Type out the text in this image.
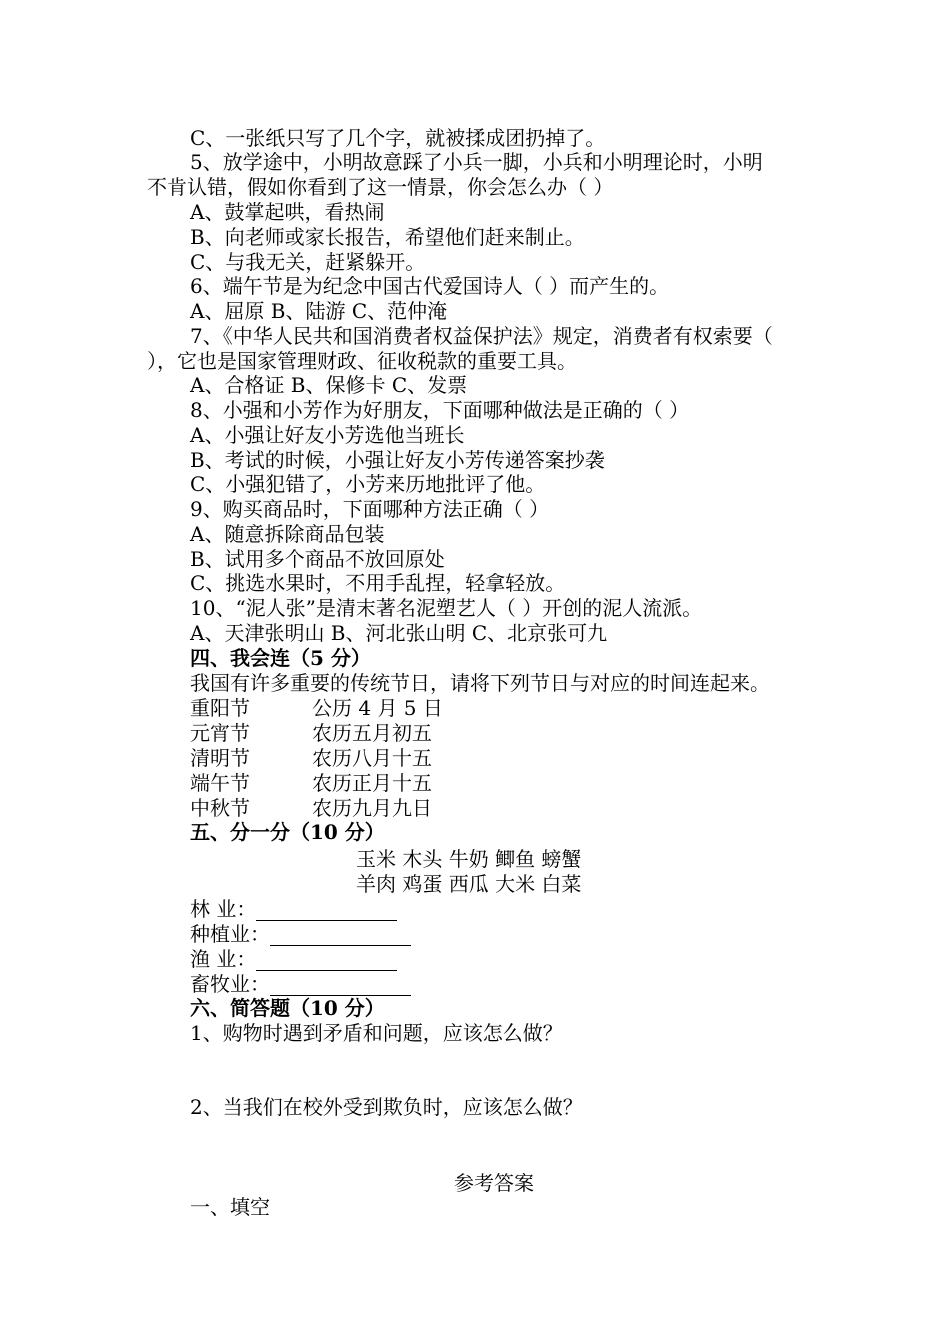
C、一张纸只写了几个字，就被揉成团扔掉了。
5、放学途中，小明故意踩了小兵一脚，小兵和小明理论时，小明
不肯认错，假如你看到了这一情景，你会怎么办（ ）
A、鼓掌起哄，看热闹
B、向老师或家长报告，希望他们赶来制止。
C、与我无关，赶紧躲开。
6、端午节是为纪念中国古代爱国诗人（ ）而产生的。
A、屈原 B、陆游 C、范仲淹
7、《中华人民共和国消费者权益保护法》规定，消费者有权索要（
），它也是国家管理财政、征收税款的重要工具。
A、合格证 B、保修卡 C、发票
8、小强和小芳作为好朋友，下面哪种做法是正确的（ ）
A、小强让好友小芳选他当班长
B、考试的时候，小强让好友小芳传递答案抄袭
C、小强犯错了，小芳来历地批评了他。
9、购买商品时，下面哪种方法正确（ ）
A、随意拆除商品包装
B、试用多个商品不放回原处
C、挑选水果时，不用手乱捏，轻拿轻放。
10、“泥人张”是清末著名泥塑艺人（ ）开创的泥人流派。
A、天津张明山 B、河北张山明 C、北京张可九
四、我会连（5 分）
我国有许多重要的传统节日，请将下列节日与对应的时间连起来。
重阳节	公历 4 月 5 日
元宵节	农历五月初五
清明节	农历八月十五
端午节	农历正月十五
中秋节	农历九月九日
五、分一分（10 分）
玉米 木头 牛奶 鲫鱼 螃蟹
羊肉 鸡蛋 西瓜 大米 白菜
林 业：
种植业：
渔 业：
畜牧业：
六、简答题（10 分）
1、购物时遇到矛盾和问题，应该怎么做？
2、当我们在校外受到欺负时，应该怎么做？
参考答案
一、填空
